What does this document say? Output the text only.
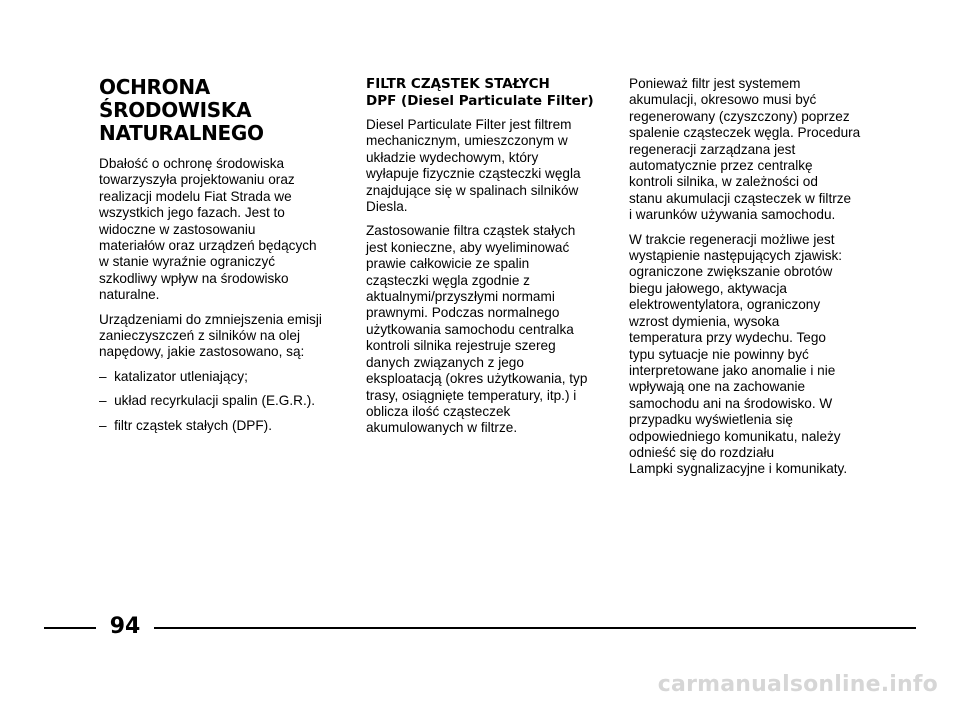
OCHRONA
ŚRODOWISKA
NATURALNEGO

Dbałość o ochronę środowiska
towarzyszyła projektowaniu oraz
realizacji modelu Fiat Strada we
wszystkich jego fazach. Jest to
widoczne w zastosowaniu
materiałów oraz urządzeń będących
w stanie wyraźnie ograniczyć
szkodliwy wpływ na środowisko
naturalne.

Urządzeniami do zmniejszenia emisji
zanieczyszczeń z silników na olej
napędowy, jakie zastosowano, są:

–  katalizator utleniający;
–  układ recyrkulacji spalin (E.G.R.).
–  filtr cząstek stałych (DPF).
FILTR CZĄSTEK STAŁYCH
DPF (Diesel Particulate Filter)

Diesel Particulate Filter jest filtrem
mechanicznym, umieszczonym w
układzie wydechowym, który
wyłapuje fizycznie cząsteczki węgla
znajdujące się w spalinach silników
Diesla.

Zastosowanie filtra cząstek stałych
jest konieczne, aby wyeliminować
prawie całkowicie ze spalin
cząsteczki węgla zgodnie z
aktualnymi/przyszłymi normami
prawnymi. Podczas normalnego
użytkowania samochodu centralka
kontroli silnika rejestruje szereg
danych związanych z jego
eksploatacją (okres użytkowania, typ
trasy, osiągnięte temperatury, itp.) i
oblicza ilość cząsteczek
akumulowanych w filtrze.

Ponieważ filtr jest systemem
akumulacji, okresowo musi być
regenerowany (czyszczony) poprzez
spalenie cząsteczek węgla. Procedura
regeneracji zarządzana jest
automatycznie przez centralkę
kontroli silnika, w zależności od
stanu akumulacji cząsteczek w filtrze
i warunków używania samochodu.

W trakcie regeneracji możliwe jest
wystąpienie następujących zjawisk:
ograniczone zwiększanie obrotów
biegu jałowego, aktywacja
elektrowentylatora, ograniczony
wzrost dymienia, wysoka
temperatura przy wydechu. Tego
typu sytuacje nie powinny być
interpretowane jako anomalie i nie
wpływają one na zachowanie
samochodu ani na środowisko. W
przypadku wyświetlenia się
odpowiedniego komunikatu, należy
odnieść się do rozdziału
Lampki sygnalizacyjne i komunikaty.

94
carmanualsonline.info
